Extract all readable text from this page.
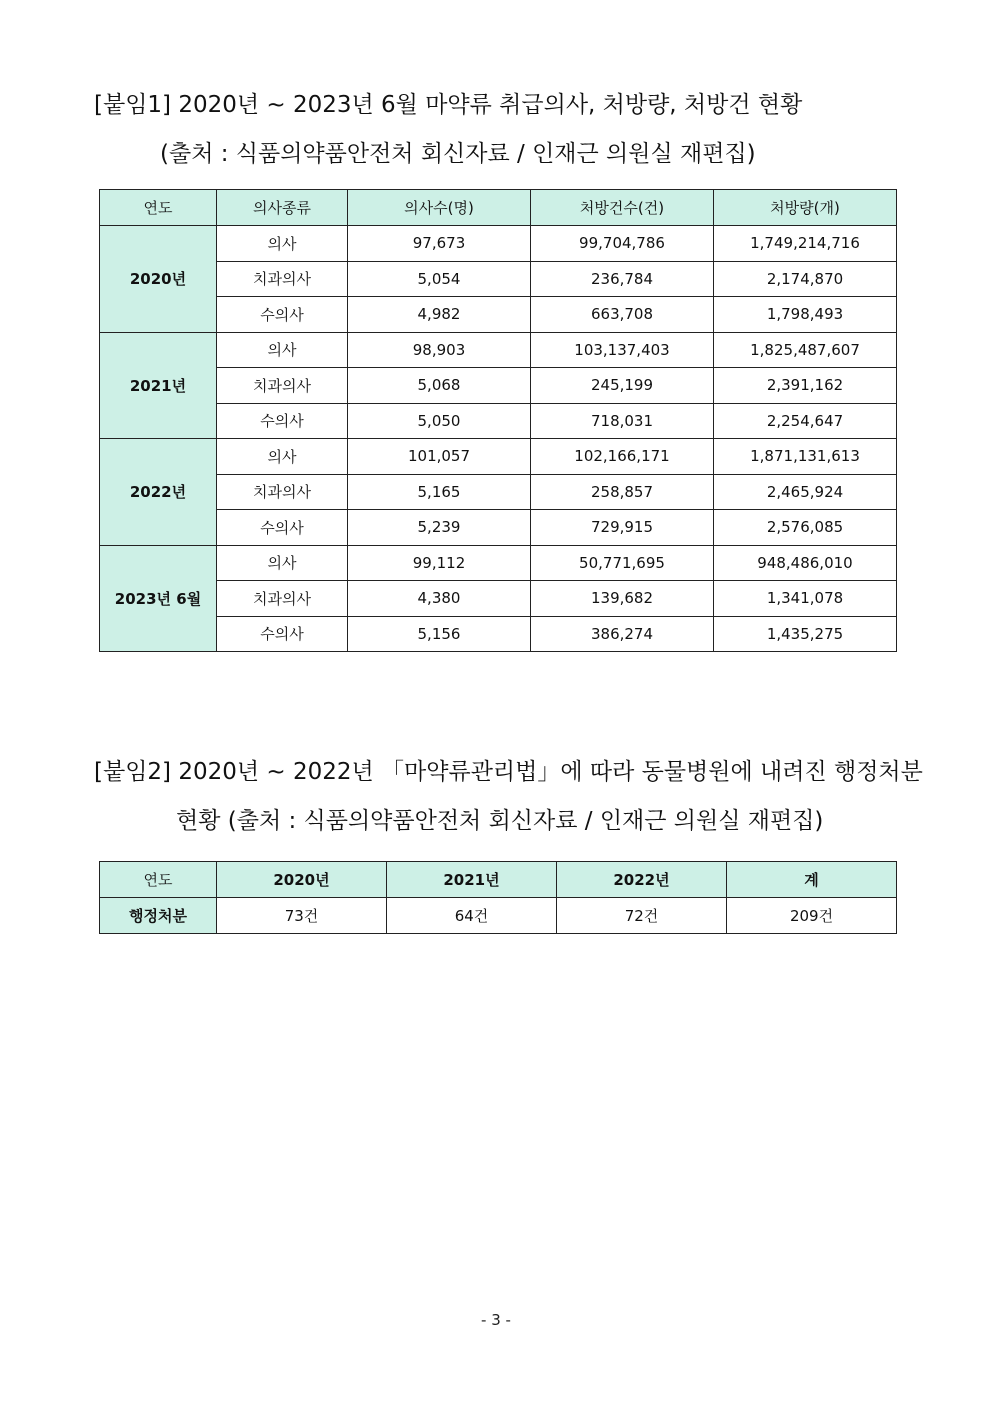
[붙임1] 2020년 ~ 2023년 6월 마약류 취급의사, 처방량, 처방건 현황
(출처 : 식품의약품안전처 회신자료 / 인재근 의원실 재편집)
연도	의사종류	의사수(명)	처방건수(건)	처방량(개)
2020년	의사	97,673	99,704,786	1,749,214,716
	치과의사	5,054	236,784	2,174,870
	수의사	4,982	663,708	1,798,493
2021년	의사	98,903	103,137,403	1,825,487,607
	치과의사	5,068	245,199	2,391,162
	수의사	5,050	718,031	2,254,647
2022년	의사	101,057	102,166,171	1,871,131,613
	치과의사	5,165	258,857	2,465,924
	수의사	5,239	729,915	2,576,085
2023년 6월	의사	99,112	50,771,695	948,486,010
	치과의사	4,380	139,682	1,341,078
	수의사	5,156	386,274	1,435,275
[붙임2] 2020년 ~ 2022년 「마약류관리법」에 따라 동물병원에 내려진 행정처분
현황 (출처 : 식품의약품안전처 회신자료 / 인재근 의원실 재편집)
연도	2020년	2021년	2022년	계
행정처분	73건	64건	72건	209건
- 3 -
